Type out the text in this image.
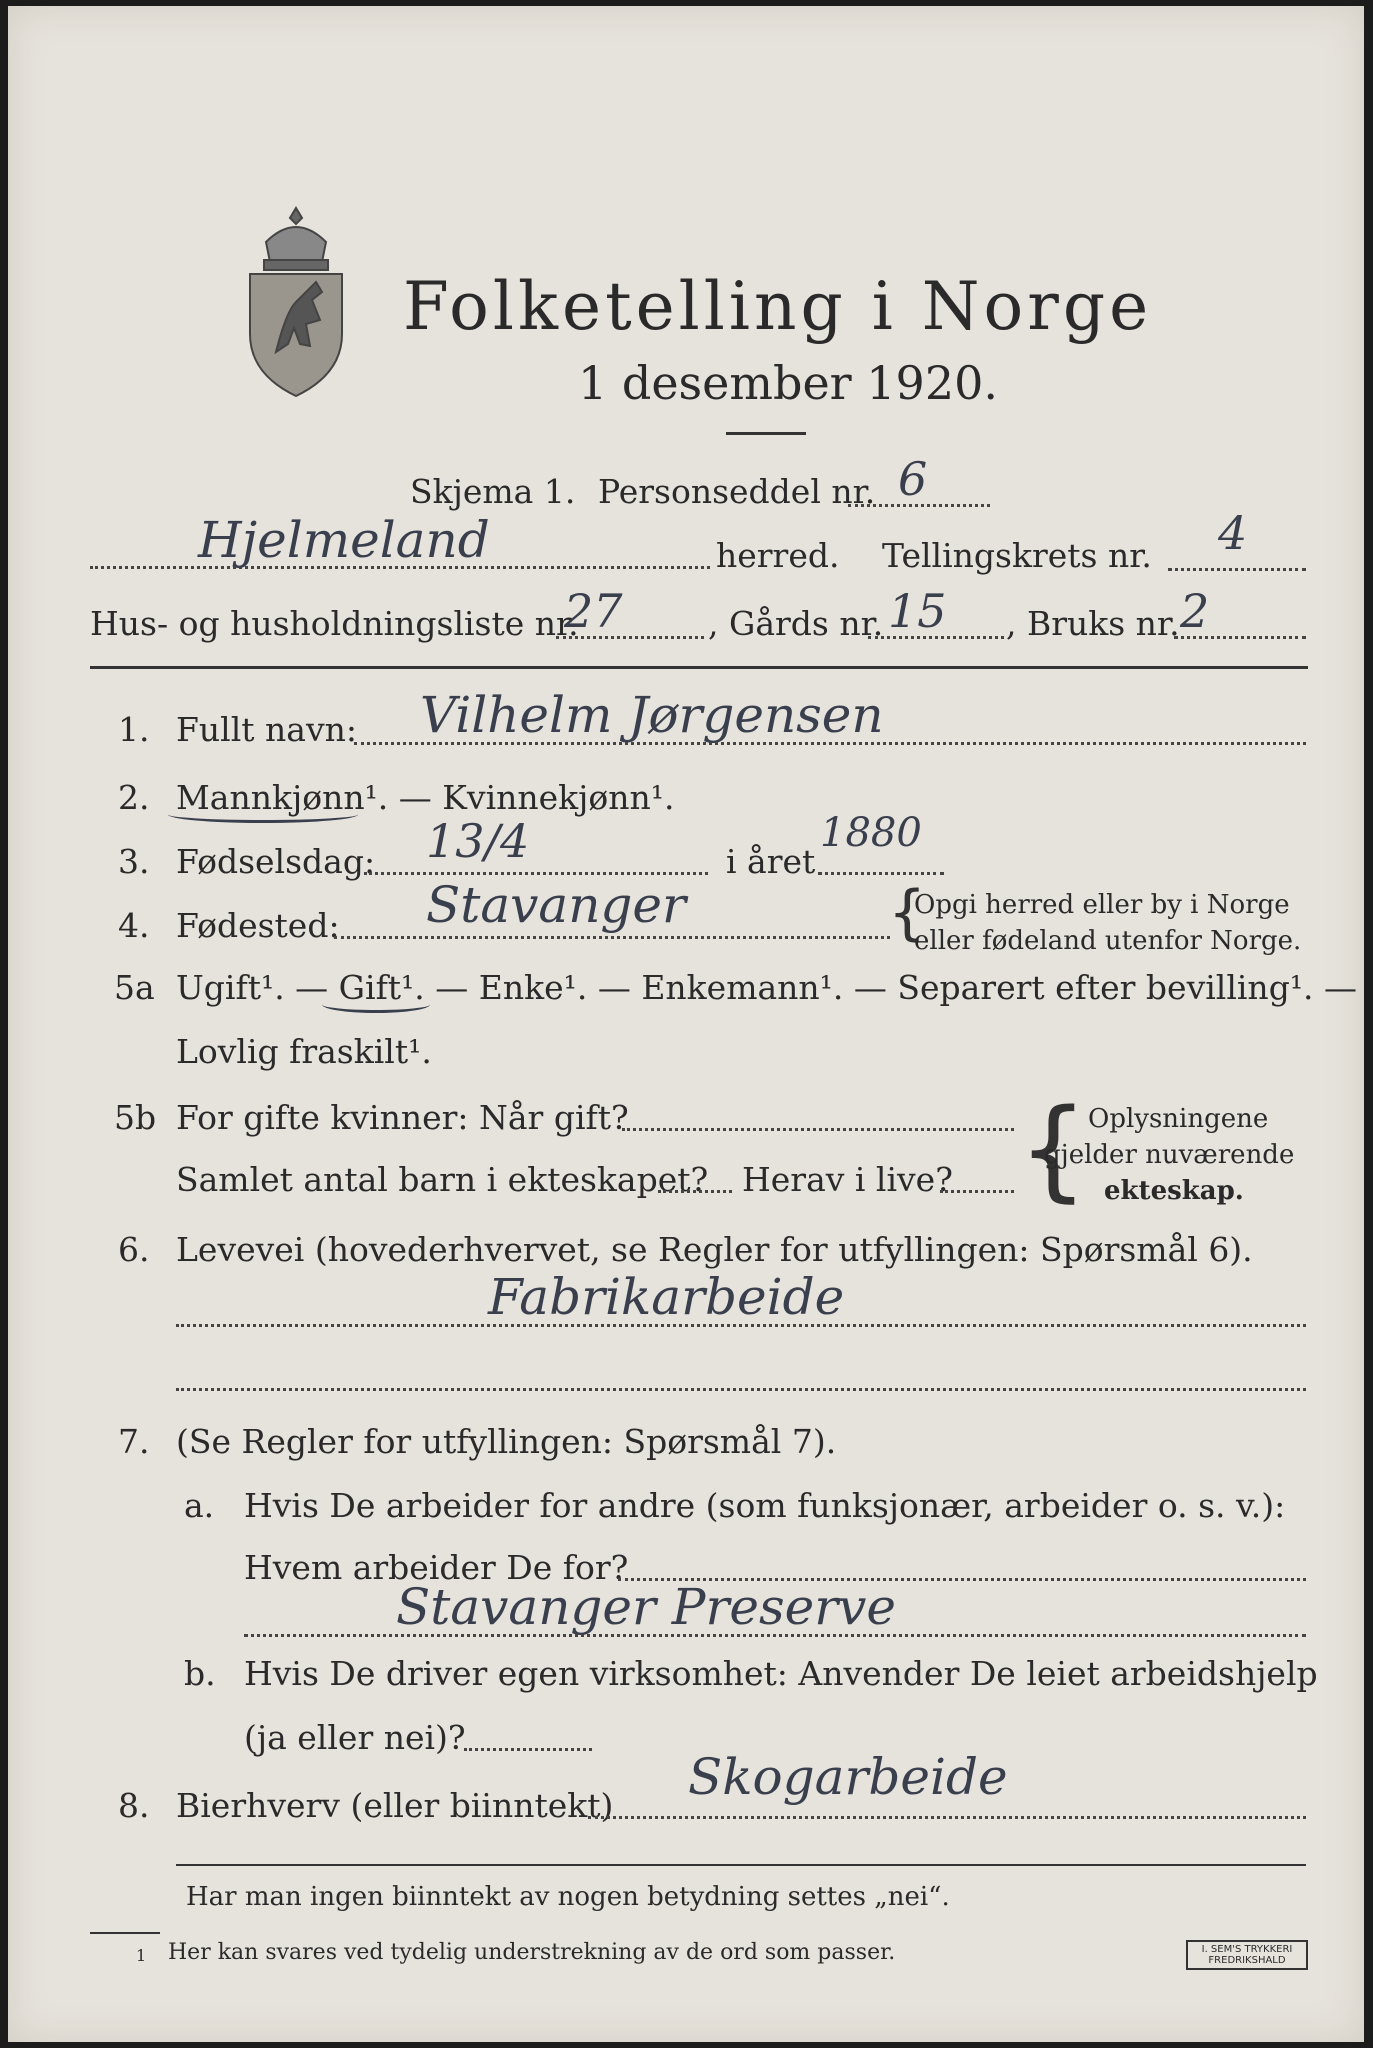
Folketelling i Norge
1 desember 1920.
Skjema 1. Personseddel nr. 6
Hjelmeland	herred. Tellingskrets nr. 4
Hus- og husholdningsliste nr.
27	, Gårds nr. 15 , Bruks nr. 2
1. Fullt navn: Vilhelm Jørgensen
2. Mannkjønn¹. — Kvinnekjønn¹.
3. Fødselsdag: 13/4	i året
1880
4. Fødested: Stavanger	{
Opgi herred eller by i Norge
eller fødeland utenfor Norge.
5a Ugift¹. — Gift¹. — Enke¹. — Enkemann¹. — Separert efter bevilling¹. —
Lovlig fraskilt¹.
5b For gifte kvinner: Når gift?
Samlet antal barn i ekteskapet? Herav i live? { Oplysningene
gjelder nuværende
ekteskap.
6. Levevei (hovederhvervet, se Regler for utfyllingen: Spørsmål 6).
Fabrikarbeide
7. (Se Regler for utfyllingen: Spørsmål 7).
a. Hvis De arbeider for andre (som funksjonær, arbeider o. s. v.):
Hvem arbeider De for?
Stavanger Preserve
b. Hvis De driver egen virksomhet: Anvender De leiet arbeidshjelp
(ja eller nei)?
8. Bierhverv (eller biinntekt) Skogarbeide
Har man ingen biinntekt av nogen betydning settes „nei“.
1 Her kan svares ved tydelig understrekning av de ord som passer.	I. SEM'S TRYKKERI
FREDRIKSHALD
